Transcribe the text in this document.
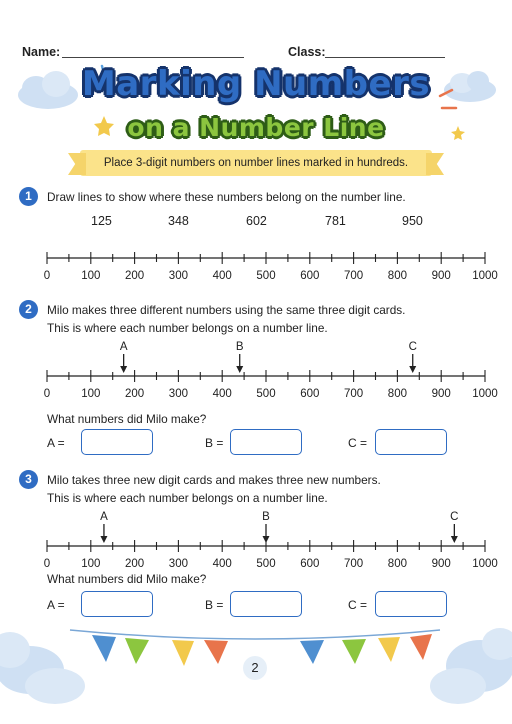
Name:	Class:
Marking Numbers
on a Number Line
Place 3-digit numbers on number lines marked in hundreds.
1	Draw lines to show where these numbers belong on the number line.
125	348	602	781	950
0	100 200 300 400 500 600 700 800 900 1000
2	Milo makes three different numbers using the same three digit cards.
This is where each number belongs on a number line.
0	100 200 300 400 500 600 700 800 900 1000
A	B	C
What numbers did Milo make?
A =	B =	C =
3	Milo takes three new digit cards and makes three new numbers.
This is where each number belongs on a number line.
0	100 200 300 400 500 600 700 800 900 1000
A	B	C
What numbers did Milo make?
A =	B =	C =
2
